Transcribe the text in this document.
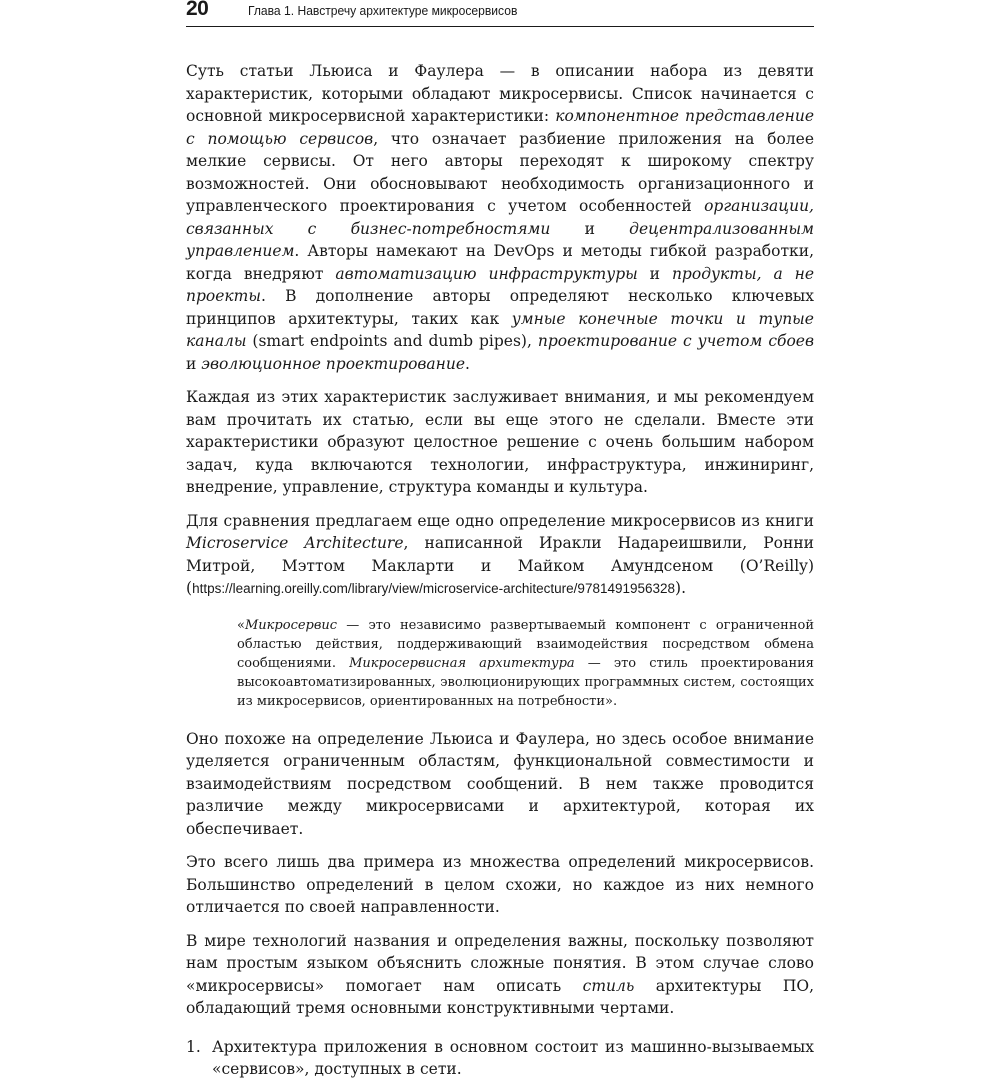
20	Глава 1. Навстречу архитектуре микросервисов

Суть статьи Льюиса и Фаулера — в описании набора из девяти характеристик, которыми обладают микросервисы. Список начинается с основной микросервисной характеристики: компонентное представление с помощью сервисов, что означает разбиение приложения на более мелкие сервисы. От него авторы переходят к широкому спектру возможностей. Они обосновывают необходимость организационного и управленческого проектирования с учетом особенностей организации, связанных с бизнес-потребностями и децентрализованным управлением. Авторы намекают на DevOps и методы гибкой разработки, когда внедряют автоматизацию инфраструктуры и продукты, а не проекты. В дополнение авторы определяют несколько ключевых принципов архитектуры, таких как умные конечные точки и тупые каналы (smart endpoints and dumb pipes), проектирование с учетом сбоев и эволюционное проектирование.

Каждая из этих характеристик заслуживает внимания, и мы рекомендуем вам прочитать их статью, если вы еще этого не сделали. Вместе эти характеристики образуют целостное решение с очень большим набором задач, куда включаются технологии, инфраструктура, инжиниринг, внедрение, управление, структура команды и культура.

Для сравнения предлагаем еще одно определение микросервисов из книги Microservice Architecture, написанной Иракли Надареишвили, Ронни Митрой, Мэттом Макларти и Майком Амундсеном (O’Reilly) (https://learning.oreilly.com/library/view/microservice-architecture/9781491956328).

«Микросервис — это независимо развертываемый компонент с ограниченной областью действия, поддерживающий взаимодействия посредством обмена сообщениями. Микросервисная архитектура — это стиль проектирования высокоавтоматизированных, эволюционирующих программных систем, состоящих из микросервисов, ориентированных на потребности».

Оно похоже на определение Льюиса и Фаулера, но здесь особое внимание уделяется ограниченным областям, функциональной совместимости и взаимодействиям посредством сообщений. В нем также проводится различие между микросервисами и архитектурой, которая их обеспечивает.

Это всего лишь два примера из множества определений микросервисов. Большинство определений в целом схожи, но каждое из них немного отличается по своей направленности.

В мире технологий названия и определения важны, поскольку позволяют нам простым языком объяснить сложные понятия. В этом случае слово «микросервисы» помогает нам описать стиль архитектуры ПО, обладающий тремя основными конструктивными чертами.

1. Архитектура приложения в основном состоит из машинно-вызываемых «сервисов», доступных в сети.
